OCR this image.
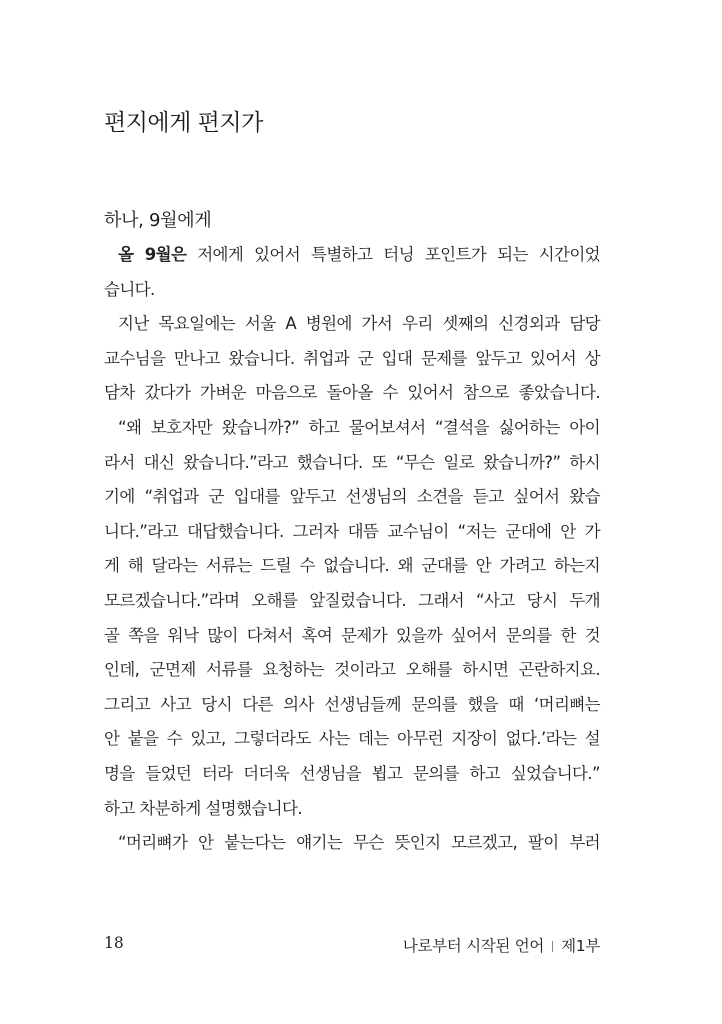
편지에게 편지가
하나, 9월에게
올 9월은 저에게 있어서 특별하고 터닝 포인트가 되는 시간이었
습니다.
지난 목요일에는 서울 A 병원에 가서 우리 셋째의 신경외과 담당
교수님을 만나고 왔습니다. 취업과 군 입대 문제를 앞두고 있어서 상
담차 갔다가 가벼운 마음으로 돌아올 수 있어서 참으로 좋았습니다.
“왜 보호자만 왔습니까?” 하고 물어보셔서 “결석을 싫어하는 아이
라서 대신 왔습니다.”라고 했습니다. 또 “무슨 일로 왔습니까?” 하시
기에 “취업과 군 입대를 앞두고 선생님의 소견을 듣고 싶어서 왔습
니다.”라고 대답했습니다. 그러자 대뜸 교수님이 “저는 군대에 안 가
게 해 달라는 서류는 드릴 수 없습니다. 왜 군대를 안 가려고 하는지
모르겠습니다.”라며 오해를 앞질렀습니다. 그래서 “사고 당시 두개
골 쪽을 워낙 많이 다쳐서 혹여 문제가 있을까 싶어서 문의를 한 것
인데, 군면제 서류를 요청하는 것이라고 오해를 하시면 곤란하지요.
그리고 사고 당시 다른 의사 선생님들께 문의를 했을 때 ‘머리뼈는
안 붙을 수 있고, 그렇더라도 사는 데는 아무런 지장이 없다.’라는 설
명을 들었던 터라 더더욱 선생님을 뵙고 문의를 하고 싶었습니다.”
하고 차분하게 설명했습니다.
“머리뼈가 안 붙는다는 얘기는 무슨 뜻인지 모르겠고, 팔이 부러
18	나로부터 시작된 언어 제1부
